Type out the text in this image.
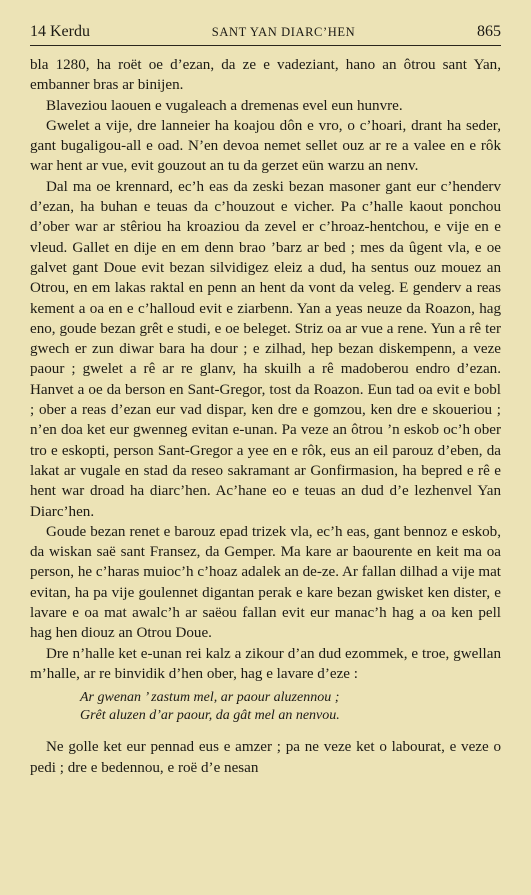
14 Kerdu	SANT YAN DIARC’HEN	865

bla 1280, ha roët oe d’ezan, da ze e vadeziant, hano an ôtrou sant Yan, embanner bras ar binijen.

Blaveziou laouen e vugaleach a dremenas evel eun hunvre.

Gwelet a vije, dre lanneier ha koajou dôn e vro, o c’hoari, drant ha seder, gant bugaligou-all e oad. N’en devoa nemet sellet ouz ar re a valee en e rôk war hent ar vue, evit gouzout an tu da gerzet eün warzu an nenv.

Dal ma oe krennard, ec’h eas da zeski bezan masoner gant eur c’henderv d’ezan, ha buhan e teuas da c’houzout e vicher. Pa c’halle kaout ponchou d’ober war ar stêriou ha kroaziou da zevel er c’hroaz-hentchou, e vije en e vleud. Gallet en dije en em denn brao ’barz ar bed ; mes da ûgent vla, e oe galvet gant Doue evit bezan silvidigez eleiz a dud, ha sentus ouz mouez an Otrou, en em lakas raktal en penn an hent da vont da veleg. E genderv a reas kement a oa en e c’halloud evit e ziarbenn. Yan a yeas neuze da Roazon, hag eno, goude bezan grêt e studi, e oe beleget. Striz oa ar vue a rene. Yun a rê ter gwech er zun diwar bara ha dour ; e zilhad, hep bezan diskempenn, a veze paour ; gwelet a rê ar re glanv, ha skuilh a rê madoberou endro d’ezan. Hanvet a oe da berson en Sant-Gregor, tost da Roazon. Eun tad oa evit e bobl ; ober a reas d’ezan eur vad dispar, ken dre e gomzou, ken dre e skoueriou ; n’en doa ket eur gwenneg evitan e-unan. Pa veze an ôtrou ’n eskob oc’h ober tro e eskopti, person Sant-Gregor a yee en e rôk, eus an eil parouz d’eben, da lakat ar vugale en stad da reseo sakramant ar Gonfirmasion, ha bepred e rê e hent war droad ha diarc’hen. Ac’hane eo e teuas an dud d’e lezhenvel Yan Diarc’hen.

Goude bezan renet e barouz epad trizek vla, ec’h eas, gant bennoz e eskob, da wiskan saë sant Fransez, da Gemper. Ma kare ar baourente en keit ma oa person, he c’haras muioc’h c’hoaz adalek an de-ze. Ar fallan dilhad a vije mat evitan, ha pa vije goulennet digantan perak e kare bezan gwisket ken dister, e lavare e oa mat awalc’h ar saëou fallan evit eur manac’h hag a oa ken pell hag hen diouz an Otrou Doue.

Dre n’halle ket e-unan rei kalz a zikour d’an dud ezommek, e troe, gwellan m’halle, ar re binvidik d’hen ober, hag e lavare d’eze :

Ar gwenan ’ zastum mel, ar paour aluzennou ;
Grêt aluzen d’ar paour, da gât mel an nenvou.

Ne golle ket eur pennad eus e amzer ; pa ne veze ket o labourat, e veze o pedi ; dre e bedennou, e roë d’e nesan
